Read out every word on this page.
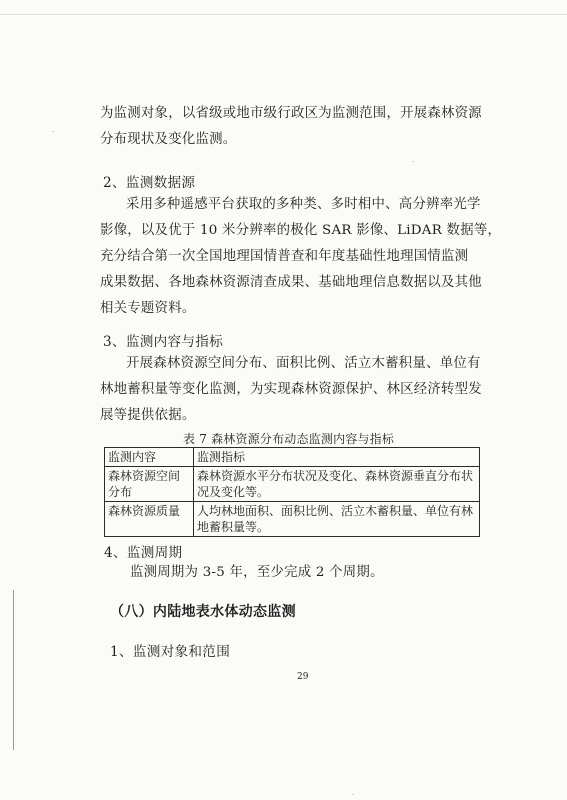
为监测对象，以省级或地市级行政区为监测范围，开展森林资源
分布现状及变化监测。
2、监测数据源
采用多种遥感平台获取的多种类、多时相中、高分辨率光学
影像，以及优于 10 米分辨率的极化 SAR 影像、LiDAR 数据等，
充分结合第一次全国地理国情普查和年度基础性地理国情监测
成果数据、各地森林资源清查成果、基础地理信息数据以及其他
相关专题资料。
3、监测内容与指标
开展森林资源空间分布、面积比例、活立木蓄积量、单位有
林地蓄积量等变化监测，为实现森林资源保护、林区经济转型发
展等提供依据。
表 7 森林资源分布动态监测内容与指标
监测内容	监测指标
森林资源空间分布	森林资源水平分布状况及变化、森林资源垂直分布状况及变化等。
森林资源质量	人均林地面积、面积比例、活立木蓄积量、单位有林地蓄积量等。
4、监测周期
监测周期为 3-5 年，至少完成 2 个周期。
（八）内陆地表水体动态监测
1、监测对象和范围
29
·
·
·
